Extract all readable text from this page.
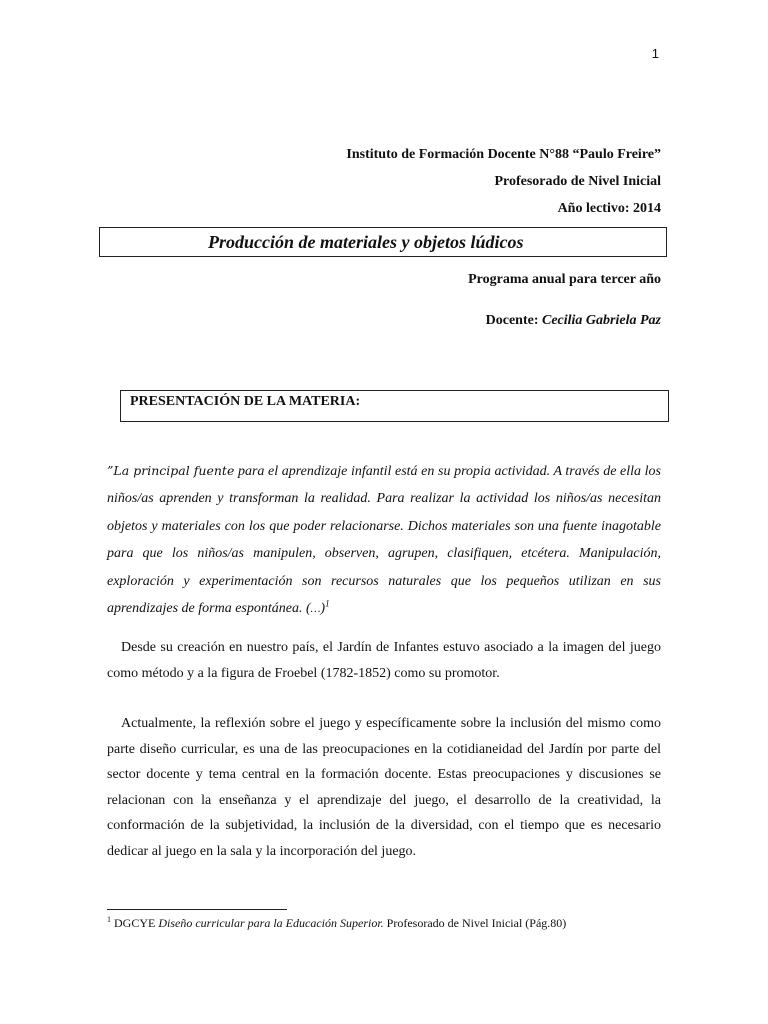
1
Instituto de Formación Docente N°88 “Paulo Freire”
Profesorado de Nivel Inicial
Año lectivo: 2014
Producción de materiales y objetos lúdicos
Programa anual para tercer año
Docente: Cecilia Gabriela Paz
PRESENTACIÓN DE LA MATERIA:

”La principal fuente para el aprendizaje infantil está en su propia actividad. A través de ella los niños/as aprenden y transforman la realidad. Para realizar la actividad los niños/as necesitan objetos y materiales con los que poder relacionarse. Dichos materiales son una fuente inagotable para que los niños/as manipulen, observen, agrupen, clasifiquen, etcétera. Manipulación, exploración y experimentación son recursos naturales que los pequeños utilizan en sus aprendizajes de forma espontánea. (…)$^1$

Desde su creación en nuestro país, el Jardín de Infantes estuvo asociado a la imagen del juego como método y a la figura de Froebel (1782-1852) como su promotor.

Actualmente, la reflexión sobre el juego y específicamente sobre la inclusión del mismo como parte diseño curricular, es una de las preocupaciones en la cotidianeidad del Jardín por parte del sector docente y tema central en la formación docente. Estas preocupaciones y discusiones se relacionan con la enseñanza y el aprendizaje del juego, el desarrollo de la creatividad, la conformación de la subjetividad, la inclusión de la diversidad, con el tiempo que es necesario dedicar al juego en la sala y la incorporación del juego.

$^1$ DGCYE Diseño curricular para la Educación Superior. Profesorado de Nivel Inicial (Pág.80)
